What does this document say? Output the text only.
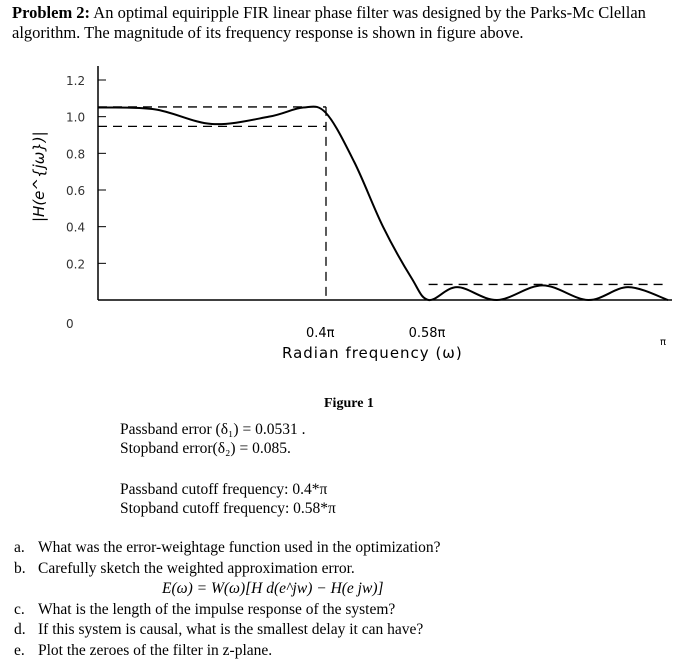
Problem 2: An optimal equiripple FIR linear phase filter was designed by the Parks-Mc Clellan algorithm. The magnitude of its frequency response is shown in figure above.
1.2
1.0
0.8
0.6
0.4
0.2
0
0.4π	0.58π
π
|H(e^{jω})|
Radian frequency (ω)
Figure 1
Passband error (δ₁) = 0.0531 .
Stopband error(δ₂) = 0.085.
Passband cutoff frequency: 0.4*π
Stopband cutoff frequency: 0.58*π
a. What was the error-weightage function used in the optimization?
b. Carefully sketch the weighted approximation error.
E(ω) = W(ω)[H d(e^jw) − H(e jw)]
c. What is the length of the impulse response of the system?
d. If this system is causal, what is the smallest delay it can have?
e. Plot the zeroes of the filter in z-plane.
